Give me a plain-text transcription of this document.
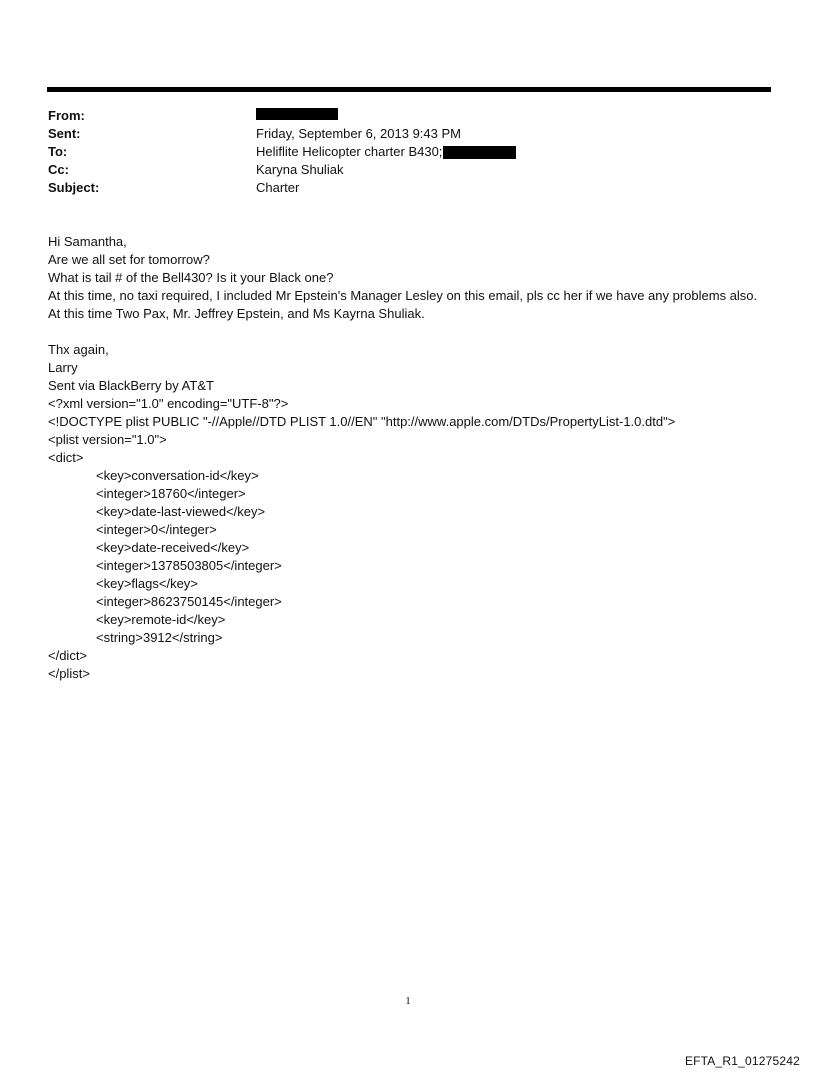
From:
Sent:	Friday, September 6, 2013 9:43 PM
To:	Heliflite Helicopter charter B430;
Cc:	Karyna Shuliak
Subject:	Charter
Hi Samantha,
Are we all set for tomorrow?
What is tail # of the Bell430? Is it your Black one?
At this time, no taxi required, I included Mr Epstein's Manager Lesley on this email, pls cc her if we have any problems also.
At this time Two Pax, Mr. Jeffrey Epstein, and Ms Kayrna Shuliak.
Thx again,
Larry
Sent via BlackBerry by AT&T
<?xml version="1.0" encoding="UTF-8"?>
<!DOCTYPE plist PUBLIC "-//Apple//DTD PLIST 1.0//EN" "http://www.apple.com/DTDs/PropertyList-1.0.dtd">
<plist version="1.0">
<dict>
<key>conversation-id</key>
<integer>18760</integer>
<key>date-last-viewed</key>
<integer>0</integer>
<key>date-received</key>
<integer>1378503805</integer>
<key>flags</key>
<integer>8623750145</integer>
<key>remote-id</key>
<string>3912</string>
</dict>
</plist>
1
EFTA_R1_01275242
